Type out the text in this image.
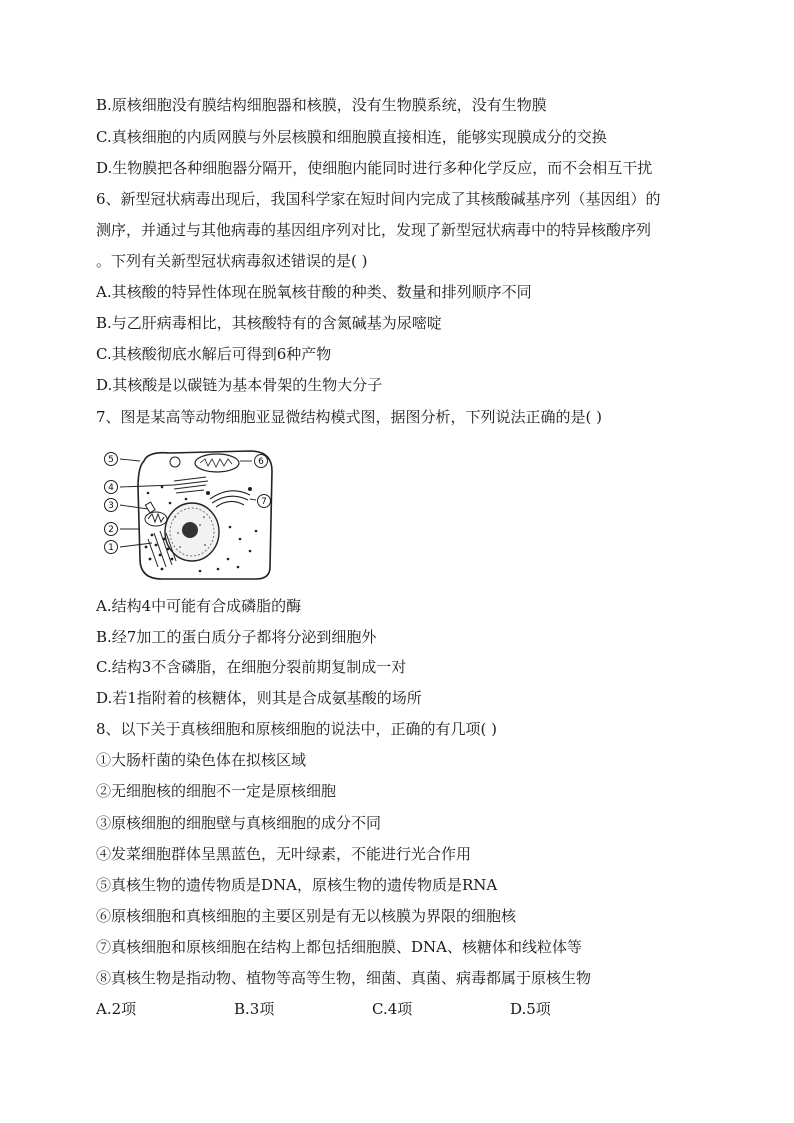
B.原核细胞没有膜结构细胞器和核膜，没有生物膜系统，没有生物膜
C.真核细胞的内质网膜与外层核膜和细胞膜直接相连，能够实现膜成分的交换
D.生物膜把各种细胞器分隔开，使细胞内能同时进行多种化学反应，而不会相互干扰
6、新型冠状病毒出现后，我国科学家在短时间内完成了其核酸碱基序列（基因组）的
测序，并通过与其他病毒的基因组序列对比，发现了新型冠状病毒中的特异核酸序列
。下列有关新型冠状病毒叙述错误的是( )
A.其核酸的特异性体现在脱氧核苷酸的种类、数量和排列顺序不同
B.与乙肝病毒相比，其核酸特有的含氮碱基为尿嘧啶
C.其核酸彻底水解后可得到6种产物
D.其核酸是以碳链为基本骨架的生物大分子
7、图是某高等动物细胞亚显微结构模式图，据图分析，下列说法正确的是( )
5	6
4
7
3
2
1
A.结构4中可能有合成磷脂的酶
B.经7加工的蛋白质分子都将分泌到细胞外
C.结构3不含磷脂，在细胞分裂前期复制成一对
D.若1指附着的核糖体，则其是合成氨基酸的场所
8、以下关于真核细胞和原核细胞的说法中，正确的有几项( )
①大肠杆菌的染色体在拟核区域
②无细胞核的细胞不一定是原核细胞
③原核细胞的细胞壁与真核细胞的成分不同
④发菜细胞群体呈黑蓝色，无叶绿素，不能进行光合作用
⑤真核生物的遗传物质是DNA，原核生物的遗传物质是RNA
⑥原核细胞和真核细胞的主要区别是有无以核膜为界限的细胞核
⑦真核细胞和原核细胞在结构上都包括细胞膜、DNA、核糖体和线粒体等
⑧真核生物是指动物、植物等高等生物，细菌、真菌、病毒都属于原核生物
A.2项	B.3项	C.4项	D.5项
